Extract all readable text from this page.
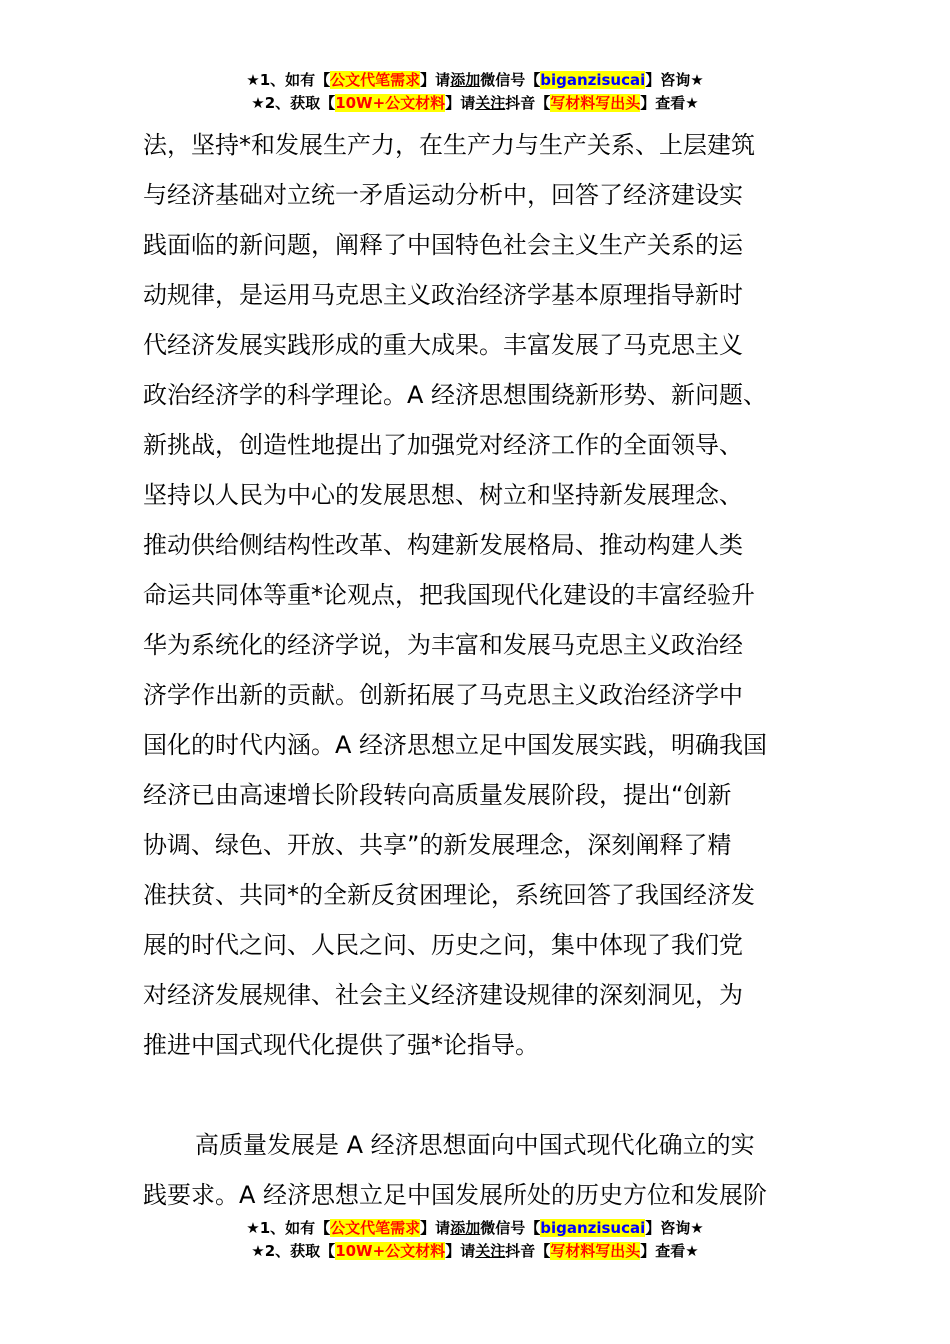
★1、如有【公文代笔需求】请添加微信号【biganzisucai】咨询★
★2、获取【10W+公文材料】请关注抖音【写材料写出头】查看★

法，坚持*和发展生产力，在生产力与生产关系、上层建筑
与经济基础对立统一矛盾运动分析中，回答了经济建设实
践面临的新问题，阐释了中国特色社会主义生产关系的运
动规律，是运用马克思主义政治经济学基本原理指导新时
代经济发展实践形成的重大成果。丰富发展了马克思主义
政治经济学的科学理论。A 经济思想围绕新形势、新问题、
新挑战，创造性地提出了加强党对经济工作的全面领导、
坚持以人民为中心的发展思想、树立和坚持新发展理念、
推动供给侧结构性改革、构建新发展格局、推动构建人类
命运共同体等重*论观点，把我国现代化建设的丰富经验升
华为系统化的经济学说，为丰富和发展马克思主义政治经
济学作出新的贡献。创新拓展了马克思主义政治经济学中
国化的时代内涵。A 经济思想立足中国发展实践，明确我国
经济已由高速增长阶段转向高质量发展阶段，提出“创新
协调、绿色、开放、共享”的新发展理念，深刻阐释了精
准扶贫、共同*的全新反贫困理论，系统回答了我国经济发
展的时代之问、人民之问、历史之问，集中体现了我们党
对经济发展规律、社会主义经济建设规律的深刻洞见，为
推进中国式现代化提供了强*论指导。

高质量发展是 A 经济思想面向中国式现代化确立的实
践要求。A 经济思想立足中国发展所处的历史方位和发展阶

★1、如有【公文代笔需求】请添加微信号【biganzisucai】咨询★
★2、获取【10W+公文材料】请关注抖音【写材料写出头】查看★
